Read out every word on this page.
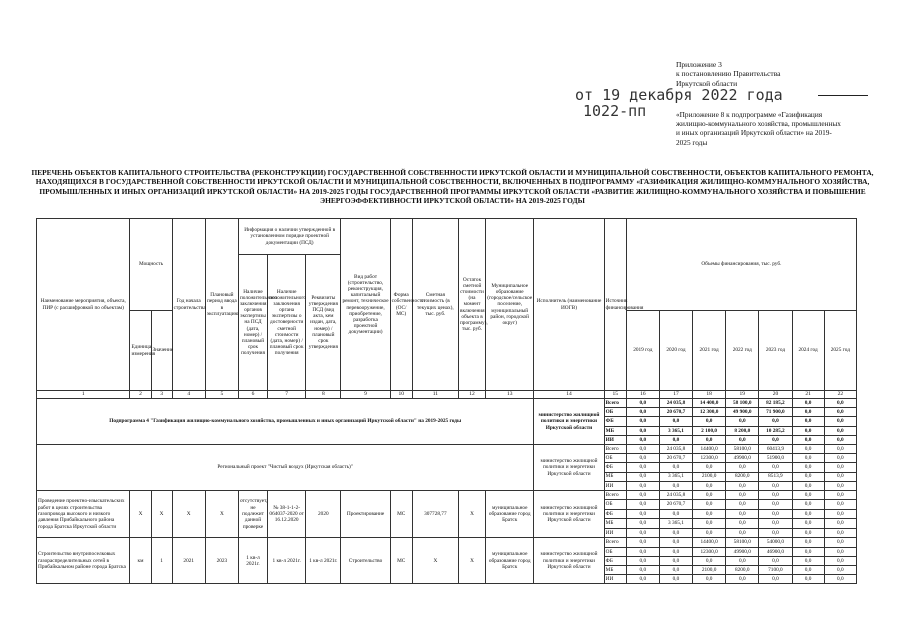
Приложение 3
к постановлению Правительства
Иркутской области
от 19 декабря 2022 года
1022-пп	«Приложение 8 к подпрограмме «Газификация
жилищно-коммунального хозяйства, промышленных
и иных организаций Иркутской области» на 2019-
2025 годы
ПЕРЕЧЕНЬ ОБЪЕКТОВ КАПИТАЛЬНОГО СТРОИТЕЛЬСТВА (РЕКОНСТРУКЦИИ) ГОСУДАРСТВЕННОЙ СОБСТВЕННОСТИ ИРКУТСКОЙ ОБЛАСТИ И МУНИЦИПАЛЬНОЙ СОБСТВЕННОСТИ, ОБЪЕКТОВ КАПИТАЛЬНОГО РЕМОНТА, НАХОДЯЩИХСЯ В ГОСУДАРСТВЕННОЙ СОБСТВЕННОСТИ ИРКУТСКОЙ ОБЛАСТИ И МУНИЦИПАЛЬНОЙ СОБСТВЕННОСТИ, ВКЛЮЧЕННЫХ В ПОДПРОГРАММУ «ГАЗИФИКАЦИЯ ЖИЛИЩНО-КОММУНАЛЬНОГО ХОЗЯЙСТВА, ПРОМЫШЛЕННЫХ И ИНЫХ ОРГАНИЗАЦИЙ ИРКУТСКОЙ ОБЛАСТИ» НА 2019-2025 ГОДЫ ГОСУДАРСТВЕННОЙ ПРОГРАММЫ ИРКУТСКОЙ ОБЛАСТИ «РАЗВИТИЕ ЖИЛИЩНО-КОММУНАЛЬНОГО ХОЗЯЙСТВА И ПОВЫШЕНИЕ ЭНЕРГОЭФФЕКТИВНОСТИ ИРКУТСКОЙ ОБЛАСТИ» НА 2019-2025 ГОДЫ
Наименование мероприятия, объекта, ПИР (с расшифровкой по объектам)	Мощность		Год начала строительства	Плановый период ввода в эксплуатацию	Информация о наличии утвержденной в установленном порядке проектной документации (ПСД)			Вид работ (строительство, реконструкция, капитальный ремонт, техническое перевооружение, приобретение, разработка проектной документации)	Форма собственности (ОС/МС)	Сметная стоимость (в текущих ценах), тыс. руб.	Остаток сметной стоимости (на момент включения объекта в программу), тыс. руб.	Муниципальное образование (городское/сельское поселение, муниципальный район, городской округ)	Исполнитель (наименование ИОГВ)	Источник финансирования	Объемы финансирования, тыс. руб.						
					Наличие положительного заключения органов экспертизы на ПСД (дата, номер) / плановый срок получения	Наличие положительного заключения органа экспертизы о достоверности сметной стоимости (дата, номер) / плановый срок получения	Реквизиты утверждения ПСД (вид акта, кем издан, дата, номер) / плановый срок утверждения														
	Единица измерения	Значение													2019 год	2020 год	2021 год	2022 год	2023 год	2024 год	2025 год
1	2	3	4	5	6	7	8	9	10	11	12	13	14	15	16	17	18	19	20	21	22
Подпрограмма 4 "Газификация жилищно-коммунального хозяйства, промышленных и иных организаций Иркутской области" на 2019-2025 годы													министерство жилищной политики и энергетики Иркутской области	Всего	0,0	24 035,8	14 400,0	58 100,0	82 185,2	0,0	0,0
														ОБ	0,0	20 670,7	12 300,0	49 900,0	71 900,0	0,0	0,0
														ФБ	0,0	0,0	0,0	0,0	0,0	0,0	0,0
														МБ	0,0	3 365,1	2 100,0	8 200,0	10 285,2	0,0	0,0
														ИИ	0,0	0,0	0,0	0,0	0,0	0,0	0,0
Региональный проект "Чистый воздух (Иркутская область)"													министерство жилищной политики и энергетики Иркутской области	Всего	0,0	24 035,8	14400,0	58100,0	60413,9	0,0	0,0
														ОБ	0,0	20 670,7	12300,0	49900,0	51900,0	0,0	0,0
														ФБ	0,0	0,0	0,0	0,0	0,0	0,0	0,0
														МБ	0,0	3 365,1	2100,0	8200,0	8513,9	0,0	0,0
														ИИ	0,0	0,0	0,0	0,0	0,0	0,0	0,0
Проведение проектно-изыскательских работ в целях строительства газопровода высокого и низкого давления Прибайкального района города Братска Иркутской области	Х	Х	Х	Х	отсутствует, не подлежит данной проверке	№ 38-1-1-2-064037-2020 от 16.12.2020	2020	Проектирование	МС	307728,77	Х	муниципальное образование город Братск	министерство жилищной политики и энергетики Иркутской области	Всего	0,0	24 035,8	0,0	0,0	0,0	0,0	0,0
														ОБ	0,0	20 670,7	0,0	0,0	0,0	0,0	0,0
														ФБ	0,0	0,0	0,0	0,0	0,0	0,0	0,0
														МБ	0,0	3 365,1	0,0	0,0	0,0	0,0	0,0
														ИИ	0,0	0,0	0,0	0,0	0,0	0,0	0,0
Строительство внутрипоселковых газораспределительных сетей в Прибайкальном районе города Братска	км	1	2021	2023	1 кв-л 2021г.	1 кв-л 2021г.	1 кв-л 2021г.	Строительство	МС	Х	Х	муниципальное образование город Братск	министерство жилищной политики и энергетики Иркутской области	Всего	0,0	0,0	14400,0	58100,0	54000,0	0,0	0,0
														ОБ	0,0	0,0	12300,0	49900,0	46900,0	0,0	0,0
														ФБ	0,0	0,0	0,0	0,0	0,0	0,0	0,0
														МБ	0,0	0,0	2100,0	8200,0	7100,0	0,0	0,0
														ИИ	0,0	0,0	0,0	0,0	0,0	0,0	0,0
